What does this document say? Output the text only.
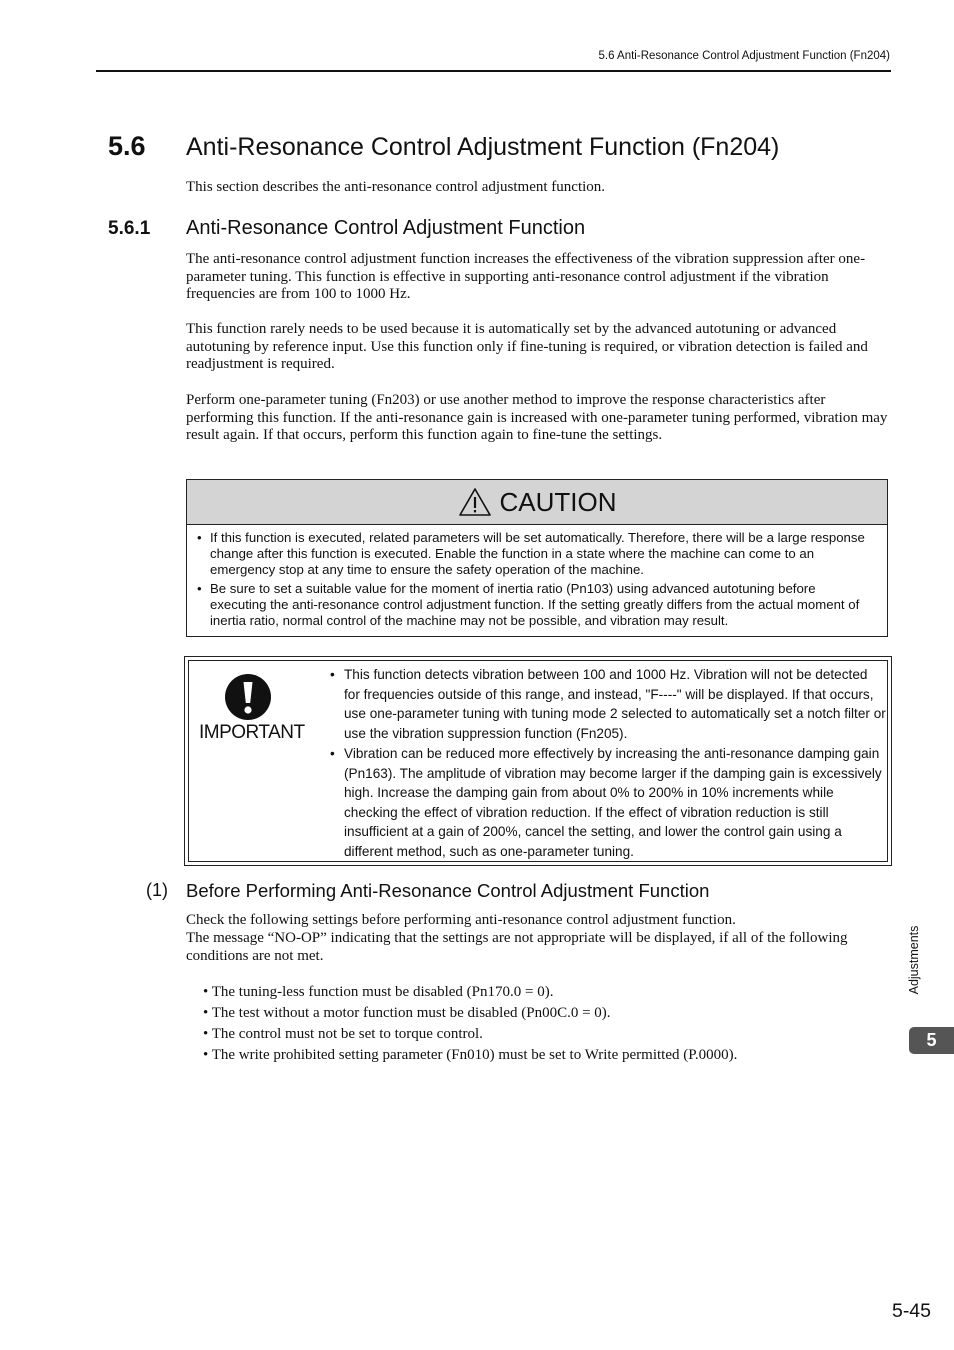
5.6 Anti-Resonance Control Adjustment Function (Fn204)
5.6 Anti-Resonance Control Adjustment Function (Fn204)
This section describes the anti-resonance control adjustment function.
5.6.1 Anti-Resonance Control Adjustment Function
The anti-resonance control adjustment function increases the effectiveness of the vibration suppression after one-parameter tuning. This function is effective in supporting anti-resonance control adjustment if the vibration frequencies are from 100 to 1000 Hz.
This function rarely needs to be used because it is automatically set by the advanced autotuning or advanced autotuning by reference input. Use this function only if fine-tuning is required, or vibration detection is failed and readjustment is required.
Perform one-parameter tuning (Fn203) or use another method to improve the response characteristics after performing this function. If the anti-resonance gain is increased with one-parameter tuning performed, vibration may result again. If that occurs, perform this function again to fine-tune the settings.
CAUTION
• If this function is executed, related parameters will be set automatically. Therefore, there will be a large response change after this function is executed. Enable the function in a state where the machine can come to an emergency stop at any time to ensure the safety operation of the machine.
• Be sure to set a suitable value for the moment of inertia ratio (Pn103) using advanced autotuning before executing the anti-resonance control adjustment function. If the setting greatly differs from the actual moment of inertia ratio, normal control of the machine may not be possible, and vibration may result.
IMPORTANT
• This function detects vibration between 100 and 1000 Hz. Vibration will not be detected for frequencies outside of this range, and instead, "F----" will be displayed. If that occurs, use one-parameter tuning with tuning mode 2 selected to automatically set a notch filter or use the vibration suppression function (Fn205).
• Vibration can be reduced more effectively by increasing the anti-resonance damping gain (Pn163). The amplitude of vibration may become larger if the damping gain is excessively high. Increase the damping gain from about 0% to 200% in 10% increments while checking the effect of vibration reduction. If the effect of vibration reduction is still insufficient at a gain of 200%, cancel the setting, and lower the control gain using a different method, such as one-parameter tuning.
(1) Before Performing Anti-Resonance Control Adjustment Function
Check the following settings before performing anti-resonance control adjustment function.
The message “NO-OP” indicating that the settings are not appropriate will be displayed, if all of the following conditions are not met.
• The tuning-less function must be disabled (Pn170.0 = 0).
• The test without a motor function must be disabled (Pn00C.0 = 0).
• The control must not be set to torque control.
• The write prohibited setting parameter (Fn010) must be set to Write permitted (P.0000).
Adjustments
5
5-45
